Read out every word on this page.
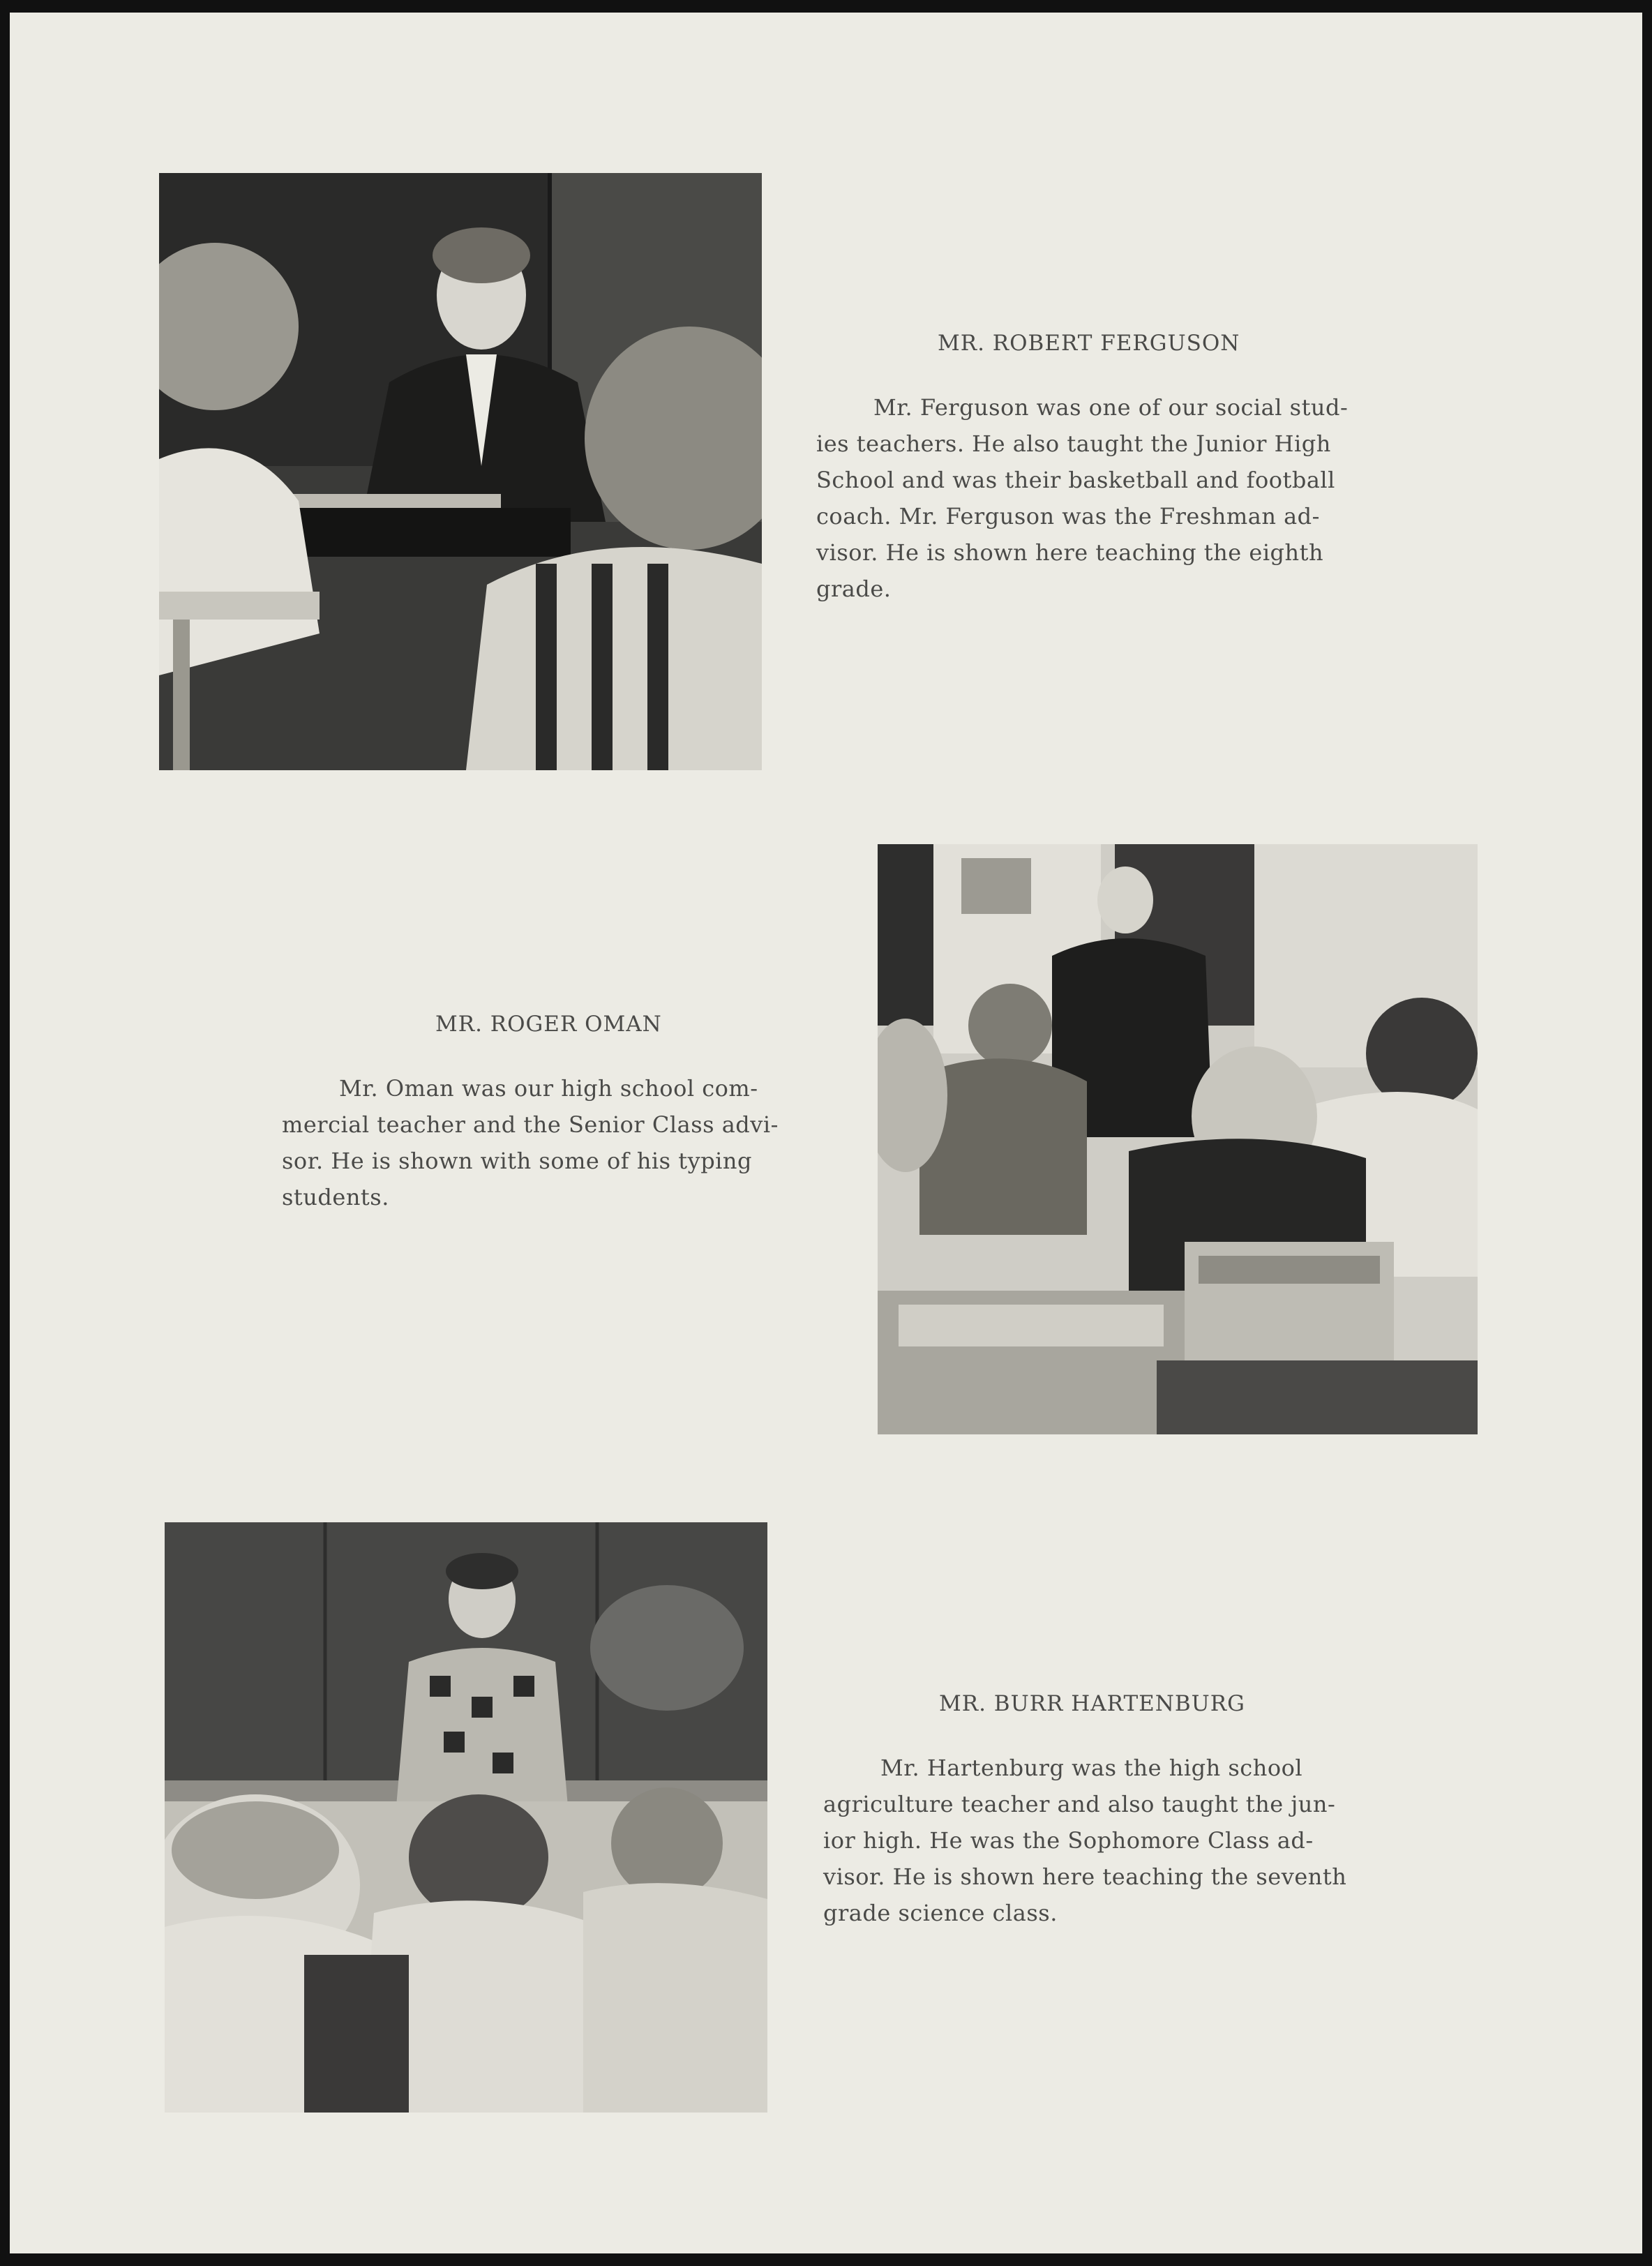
MR. ROBERT FERGUSON
Mr. Ferguson was one of our social stud-
ies teachers. He also taught the Junior High
School and was their basketball and football
coach. Mr. Ferguson was the Freshman ad-
visor. He is shown here teaching the eighth
grade.
MR. ROGER OMAN
Mr. Oman was our high school com-
mercial teacher and the Senior Class advi-
sor. He is shown with some of his typing
students.
MR. BURR HARTENBURG
Mr. Hartenburg was the high school
agriculture teacher and also taught the jun-
ior high. He was the Sophomore Class ad-
visor. He is shown here teaching the seventh
grade science class.
